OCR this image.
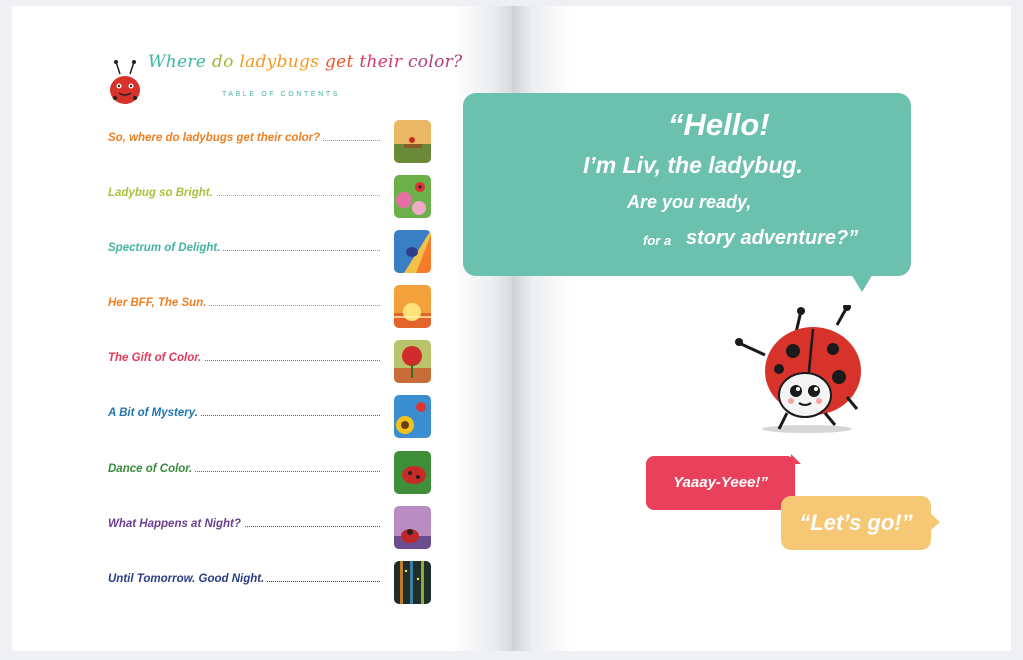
Where do ladybugs get their color?
TABLE OF CONTENTS
So, where do ladybugs get their color?
Ladybug so Bright.
Spectrum of Delight.
Her BFF, The Sun.
The Gift of Color.
A Bit of Mystery.
Dance of Color.
What Happens at Night?
Until Tomorrow. Good Night.
“Hello!
I’m Liv, the ladybug.
Are you ready,
for a story adventure?”
Yaaay-Yeee!”
“Let’s go!”
